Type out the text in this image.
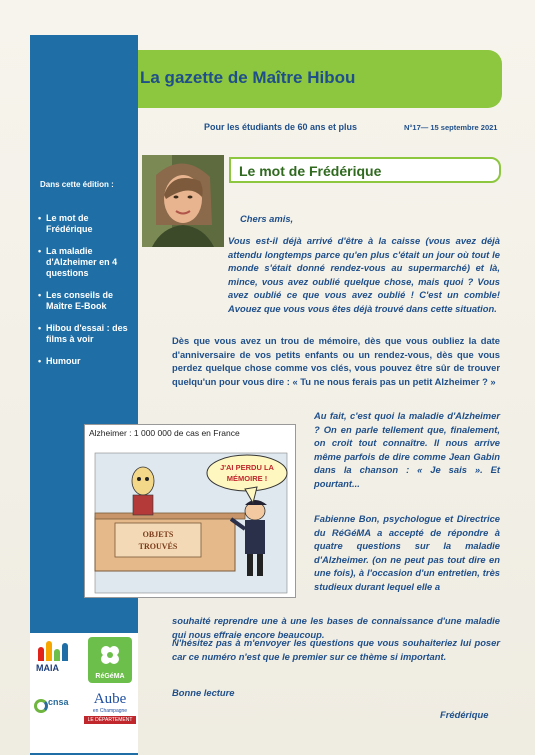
La gazette de Maître Hibou
Pour les étudiants de 60 ans et plus	N°17— 15 septembre 2021
Dans cette édition :
• Le mot de Frédérique
• La maladie d'Alzheimer en 4 questions
• Les conseils de Maître E-Book
• Hibou d'essai : des films à voir
• Humour
MAIA
RéGéMA
cnsa	Aube
en Champagne
LE DÉPARTEMENT
Le mot de Frédérique
Chers amis,
Vous est-il déjà arrivé d'être à la caisse (vous avez déjà attendu longtemps parce qu'en plus c'était un jour où tout le monde s'était donné rendez-vous au supermarché) et là, mince, vous avez oublié quelque chose, mais quoi ? Vous avez oublié ce que vous avez oublié ! C'est un comble! Avouez que vous vous êtes déjà trouvé dans cette situation.
Dès que vous avez un trou de mémoire, dès que vous oubliez la date d'anniversaire de vos petits enfants ou un rendez-vous, dès que vous perdez quelque chose comme vos clés, vous pouvez être sûr de trouver quelqu'un pour vous dire : « Tu ne nous ferais pas un petit Alzheimer ? »
Au fait, c'est quoi la maladie d'Alzheimer ? On en parle tellement que, finalement, on croit tout connaître. Il nous arrive même parfois de dire comme Jean Gabin dans la chanson : « Je sais ». Et pourtant...
Fabienne Bon, psychologue et Directrice du RéGéMA a accepté de répondre à quatre questions sur la maladie d'Alzheimer. (on ne peut pas tout dire en une fois), à l'occasion d'un entretien, très studieux durant lequel elle a
souhaité reprendre une à une les bases de connaissance d'une maladie qui nous effraie encore beaucoup.
N'hésitez pas à m'envoyer les questions que vous souhaiteriez lui poser car ce numéro n'est que le premier sur ce thème si important.
Bonne lecture
Frédérique
Alzheimer : 1 000 000 de cas en France
OBJETS
TROUVÉS
J'AI PERDU LA
MÉMOIRE !
